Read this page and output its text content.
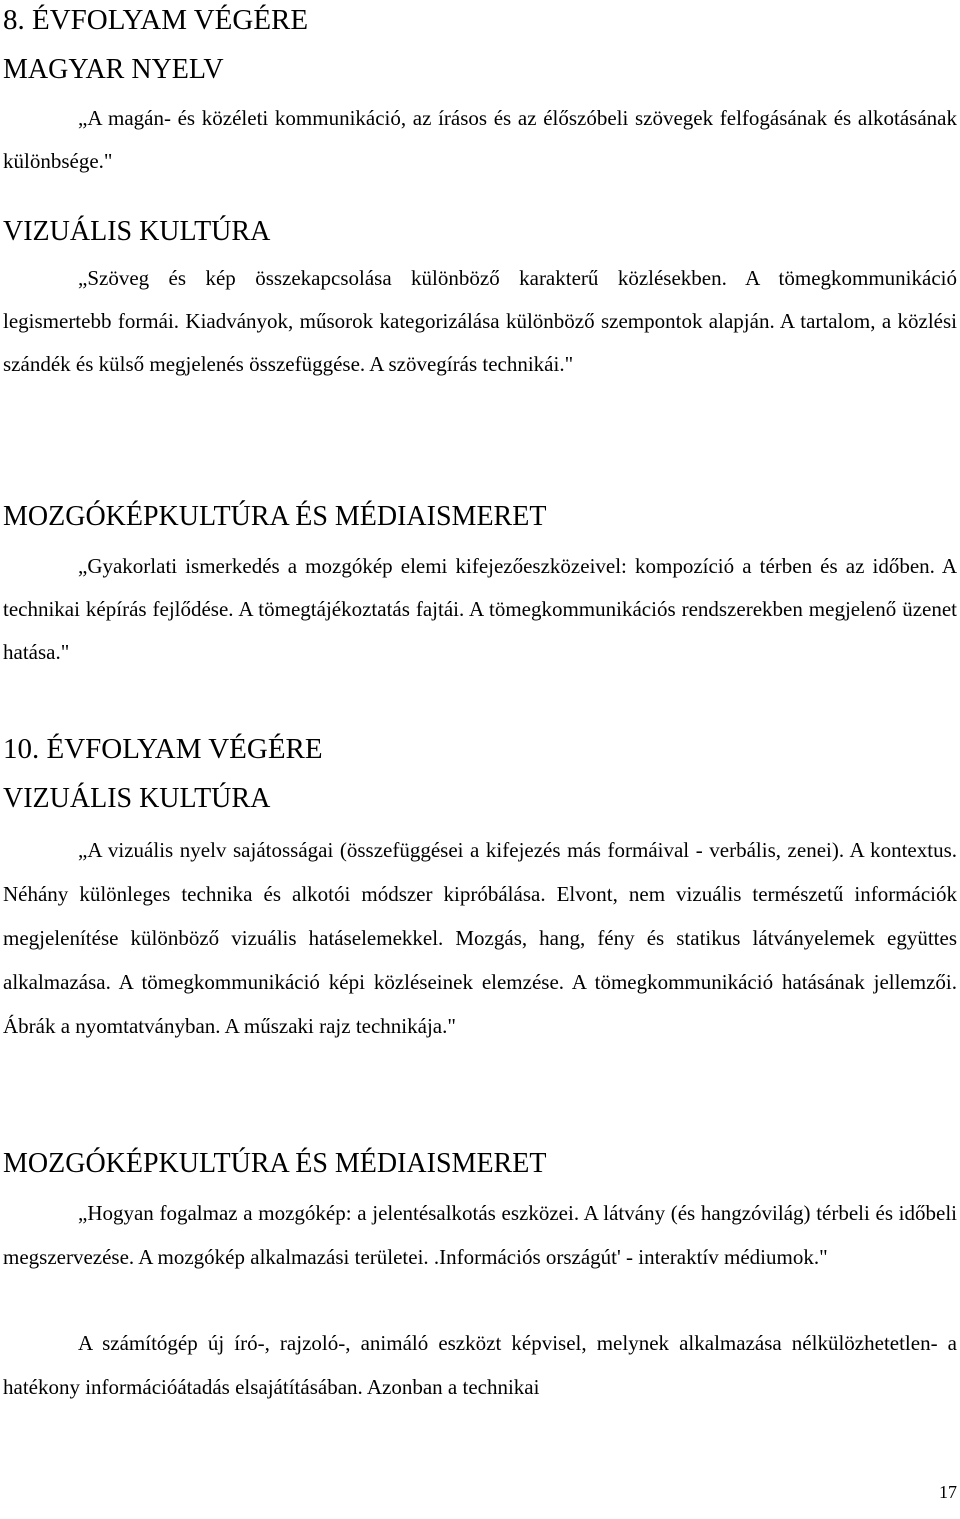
8. ÉVFOLYAM VÉGÉRE
MAGYAR NYELV

„A magán- és közéleti kommunikáció, az írásos és az élőszóbeli szövegek felfogásának és alkotásának különbsége."

VIZUÁLIS KULTÚRA

„Szöveg és kép összekapcsolása különböző karakterű közlésekben. A tömegkommunikáció legismertebb formái. Kiadványok, műsorok kategorizálása különböző szempontok alapján. A tartalom, a közlési szándék és külső megjelenés összefüggése. A szövegírás technikái."

MOZGÓKÉPKULTÚRA ÉS MÉDIAISMERET

„Gyakorlati ismerkedés a mozgókép elemi kifejezőeszközeivel: kompozíció a térben és az időben. A technikai képírás fejlődése. A tömegtájékoztatás fajtái. A tömegkommunikációs rendszerekben megjelenő üzenet hatása."

10. ÉVFOLYAM VÉGÉRE
VIZUÁLIS KULTÚRA

„A vizuális nyelv sajátosságai (összefüggései a kifejezés más formáival - verbális, zenei). A kontextus. Néhány különleges technika és alkotói módszer kipróbálása. Elvont, nem vizuális természetű információk megjelenítése különböző vizuális hatáselemekkel. Mozgás, hang, fény és statikus látványelemek együttes alkalmazása. A tömegkommunikáció képi közléseinek elemzése. A tömegkommunikáció hatásának jellemzői. Ábrák a nyomtatványban. A műszaki rajz technikája."

MOZGÓKÉPKULTÚRA ÉS MÉDIAISMERET

„Hogyan fogalmaz a mozgókép: a jelentésalkotás eszközei. A látvány (és hangzóvilág) térbeli és időbeli megszervezése. A mozgókép alkalmazási területei. .Információs országút' - interaktív médiumok."

A számítógép új író-, rajzoló-, animáló eszközt képvisel, melynek alkalmazása nélkülözhetetlen- a hatékony információátadás elsajátításában. Azonban a technikai

17
